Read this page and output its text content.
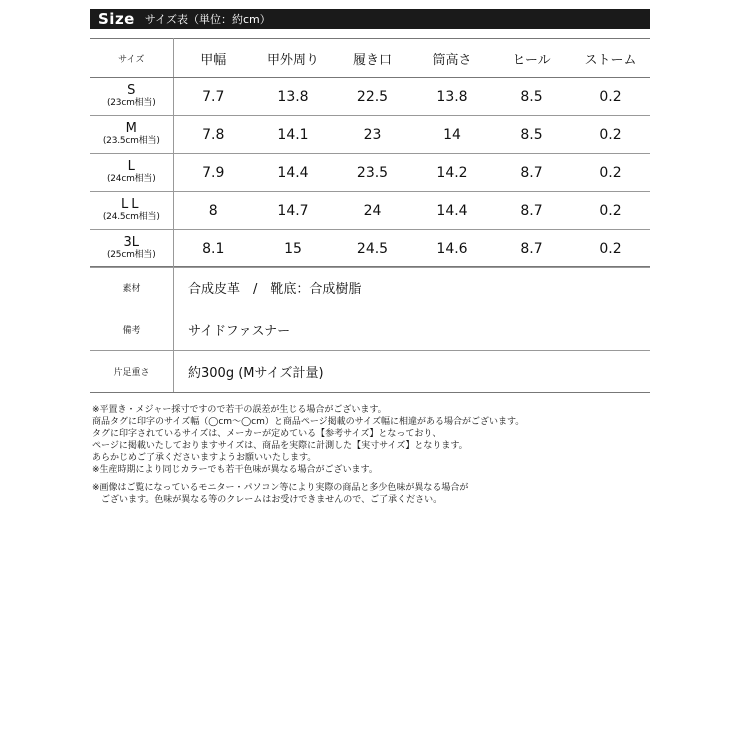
Size サイズ表（単位：約cm）
サイズ	甲幅	甲外周り	履き口	筒高さ	ヒール	ストーム

S
(23cm相当)	7.7	13.8	22.5	13.8	8.5	0.2

M
(23.5cm相当)	7.8	14.1	23	14	8.5	0.2

L
(24cm相当)	7.9	14.4	23.5	14.2	8.7	0.2

LL
(24.5cm相当)	8	14.7	24	14.4	8.7	0.2

3L
(25cm相当)	8.1	15	24.5	14.6	8.7	0.2
素材	合成皮革　/　靴底：合成樹脂
備考	サイドファスナー
片足重さ	約300g (Mサイズ計量)

※平置き・メジャー採寸ですので若干の誤差が生じる場合がございます。

商品タグに印字のサイズ幅（◯cm～◯cm）と商品ページ掲載のサイズ幅に相違がある場合がございます。

タグに印字されているサイズは、メーカーが定めている【参考サイズ】となっており、

ページに掲載いたしておりますサイズは、商品を実際に計測した【実寸サイズ】となります。

あらかじめご了承くださいますようお願いいたします。

※生産時期により同じカラーでも若干色味が異なる場合がございます。

※画像はご覧になっているモニター・パソコン等により実際の商品と多少色味が異なる場合が

ございます。色味が異なる等のクレームはお受けできませんので、ご了承ください。
